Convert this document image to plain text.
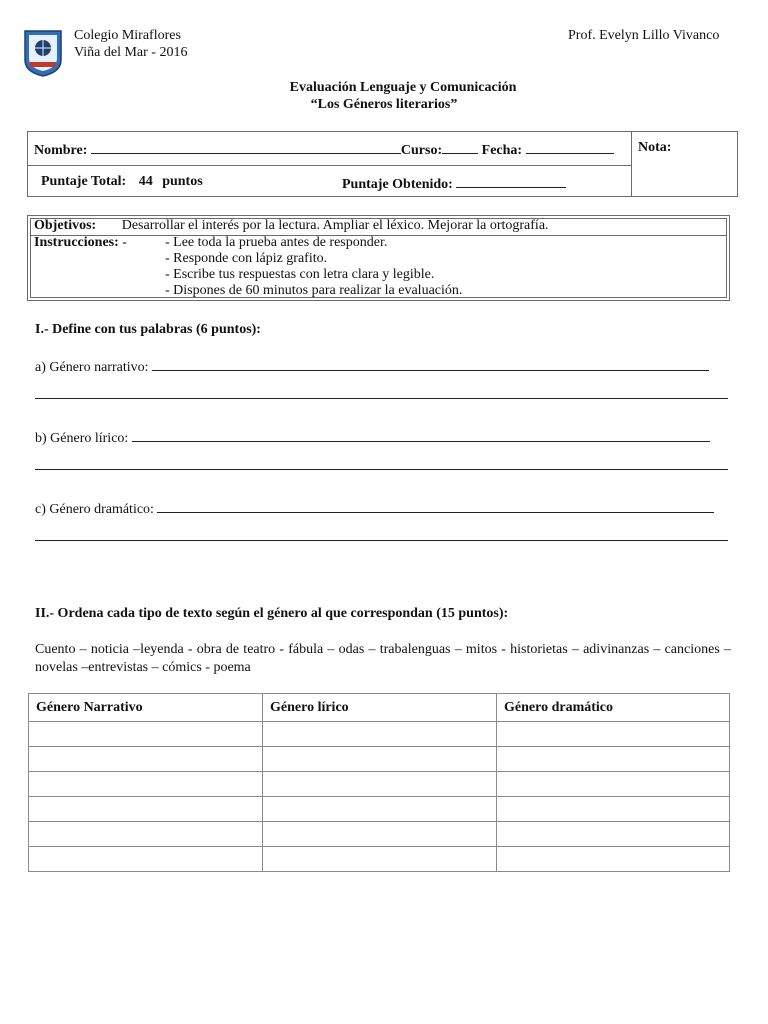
Colegio Miraflores
Viña del Mar - 2016
Prof. Evelyn Lillo Vivanco
Evaluación Lenguaje y Comunicación
“Los Géneros literarios”
Nombre:	Curso:	Fecha:	Nota:
Puntaje Total: 44 puntos	Puntaje Obtenido:
Objetivos: Desarrollar el interés por la lectura. Ampliar el léxico. Mejorar la ortografía.
Instrucciones: -	- Lee toda la prueba antes de responder.
- Responde con lápiz grafito.
- Escribe tus respuestas con letra clara y legible.
- Dispones de 60 minutos para realizar la evaluación.
I.- Define con tus palabras (6 puntos):
a) Género narrativo:
b) Género lírico:
c) Género dramático:
II.- Ordena cada tipo de texto según el género al que correspondan (15 puntos):
Cuento – noticia –leyenda - obra de teatro - fábula – odas – trabalenguas – mitos - historietas – adivinanzas – canciones – novelas –entrevistas – cómics - poema
Género Narrativo	Género lírico	Género dramático
